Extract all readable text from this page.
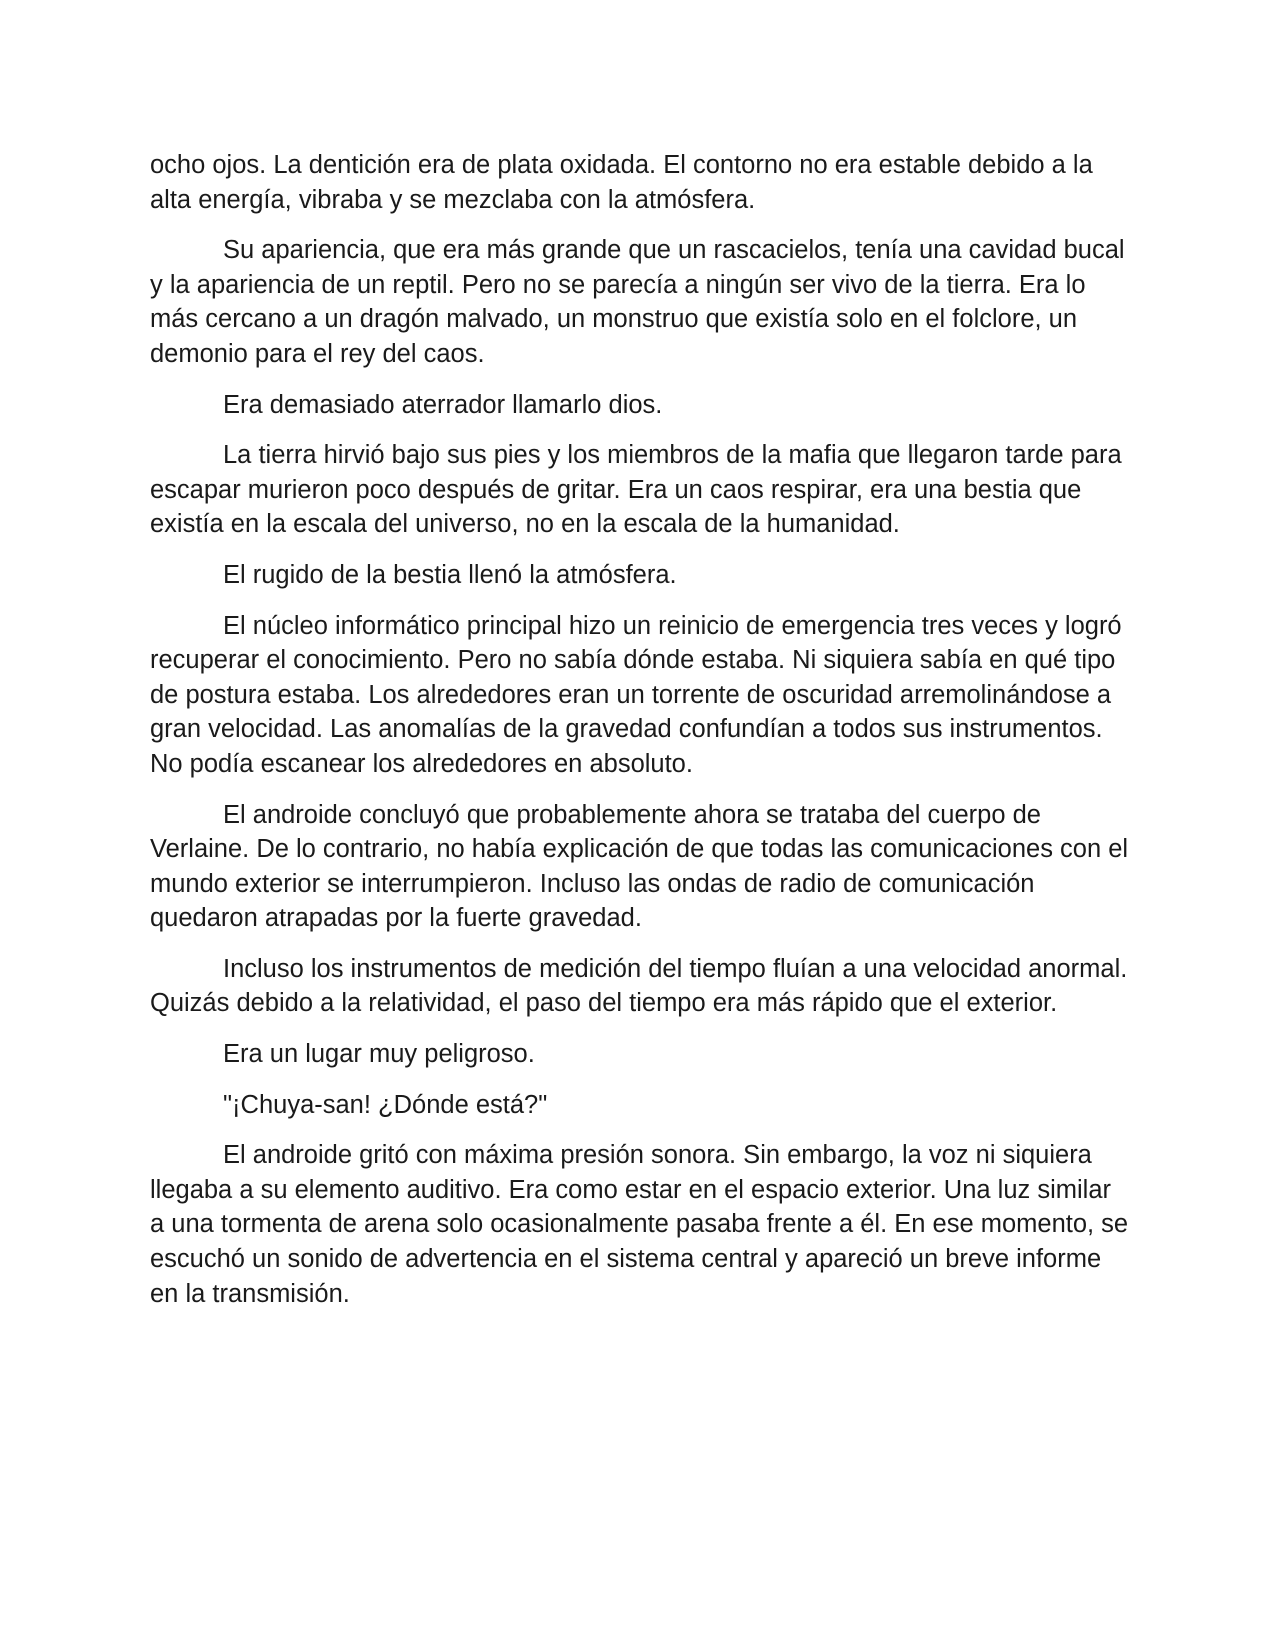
ocho ojos. La dentición era de plata oxidada. El contorno no era estable debido a la alta energía, vibraba y se mezclaba con la atmósfera.

Su apariencia, que era más grande que un rascacielos, tenía una cavidad bucal y la apariencia de un reptil. Pero no se parecía a ningún ser vivo de la tierra. Era lo más cercano a un dragón malvado, un monstruo que existía solo en el folclore, un demonio para el rey del caos.

Era demasiado aterrador llamarlo dios.

La tierra hirvió bajo sus pies y los miembros de la mafia que llegaron tarde para escapar murieron poco después de gritar. Era un caos respirar, era una bestia que existía en la escala del universo, no en la escala de la humanidad.

El rugido de la bestia llenó la atmósfera.

El núcleo informático principal hizo un reinicio de emergencia tres veces y logró recuperar el conocimiento. Pero no sabía dónde estaba. Ni siquiera sabía en qué tipo de postura estaba. Los alrededores eran un torrente de oscuridad arremolinándose a gran velocidad. Las anomalías de la gravedad confundían a todos sus instrumentos. No podía escanear los alrededores en absoluto.

El androide concluyó que probablemente ahora se trataba del cuerpo de Verlaine. De lo contrario, no había explicación de que todas las comunicaciones con el mundo exterior se interrumpieron. Incluso las ondas de radio de comunicación quedaron atrapadas por la fuerte gravedad.

Incluso los instrumentos de medición del tiempo fluían a una velocidad anormal. Quizás debido a la relatividad, el paso del tiempo era más rápido que el exterior.

Era un lugar muy peligroso.

"¡Chuya-san! ¿Dónde está?"

El androide gritó con máxima presión sonora. Sin embargo, la voz ni siquiera llegaba a su elemento auditivo. Era como estar en el espacio exterior. Una luz similar a una tormenta de arena solo ocasionalmente pasaba frente a él. En ese momento, se escuchó un sonido de advertencia en el sistema central y apareció un breve informe en la transmisión.
